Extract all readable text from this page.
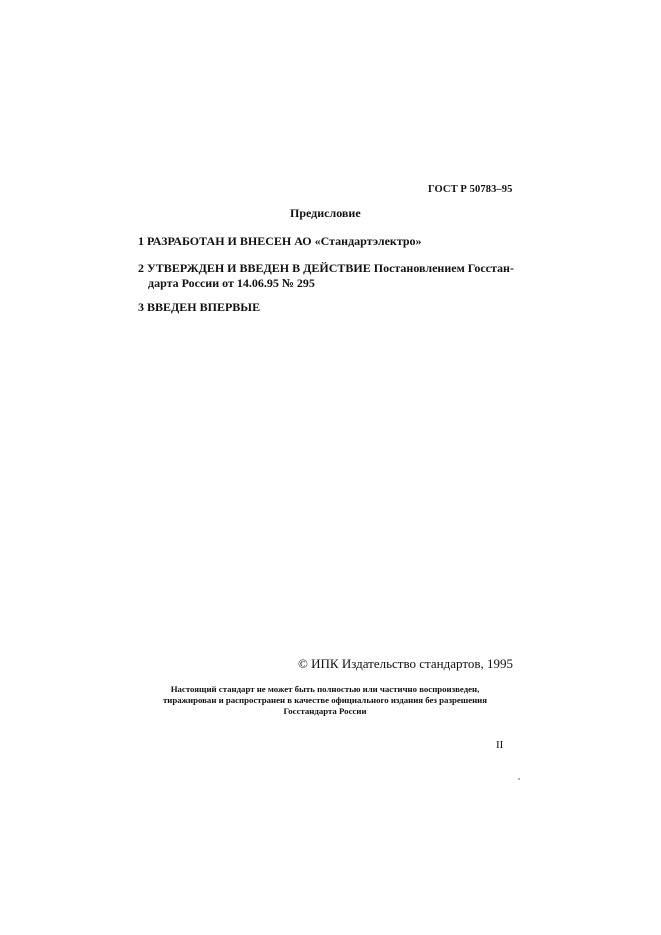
ГОСТ Р 50783–95
Предисловие
1 РАЗРАБОТАН И ВНЕСЕН АО «Стандартэлектро»
2 УТВЕРЖДЕН И ВВЕДЕН В ДЕЙСТВИЕ Постановлением Госстан-
дарта России от 14.06.95 № 295
3 ВВЕДЕН ВПЕРВЫЕ
© ИПК Издательство стандартов, 1995
Настоящий стандарт не может быть полностью или частично воспроизведен,
тиражирован и распространен в качестве официального издания без разрешения
Госстандарта России
II
